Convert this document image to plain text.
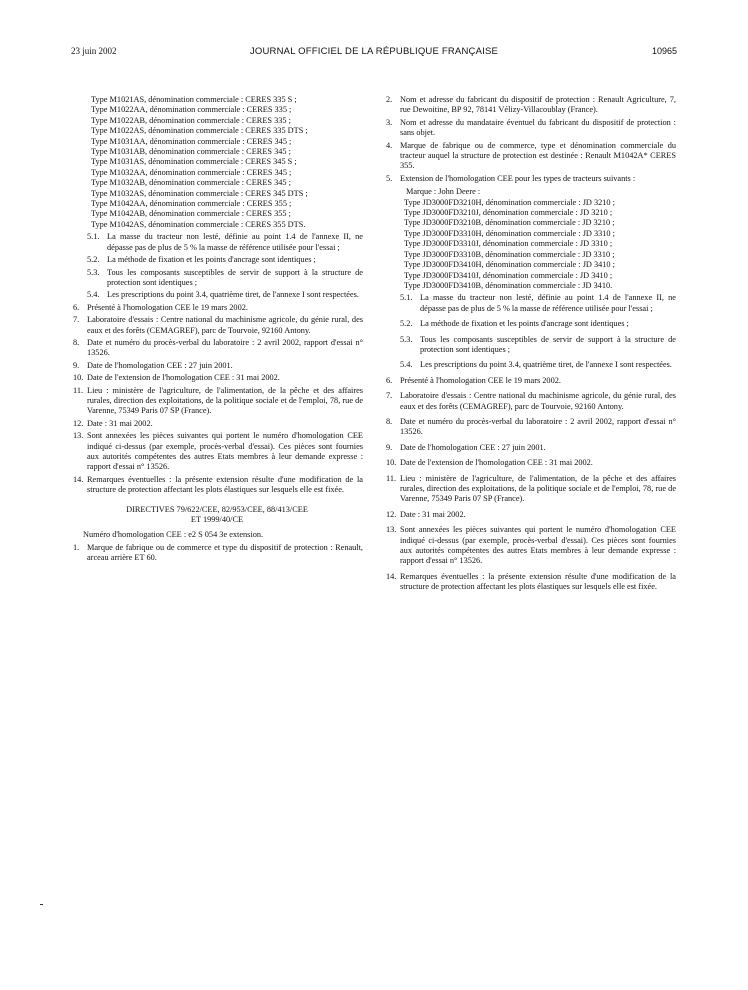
23 juin 2002	JOURNAL OFFICIEL DE LA RÉPUBLIQUE FRANÇAISE	10965
Type M1021AS, dénomination commerciale : CERES 335 S ;
Type M1022AA, dénomination commerciale : CERES 335 ;
Type M1022AB, dénomination commerciale : CERES 335 ;
Type M1022AS, dénomination commerciale : CERES 335 DTS ;
Type M1031AA, dénomination commerciale : CERES 345 ;
Type M1031AB, dénomination commerciale : CERES 345 ;
Type M1031AS, dénomination commerciale : CERES 345 S ;
Type M1032AA, dénomination commerciale : CERES 345 ;
Type M1032AB, dénomination commerciale : CERES 345 ;
Type M1032AS, dénomination commerciale : CERES 345 DTS ;
Type M1042AA, dénomination commerciale : CERES 355 ;
Type M1042AB, dénomination commerciale : CERES 355 ;
Type M1042AS, dénomination commerciale : CERES 355 DTS.
5.1. La masse du tracteur non lesté, définie au point 1.4 de l'annexe II, ne dépasse pas de plus de 5 % la masse de référence utilisée pour l'essai ;
5.2. La méthode de fixation et les points d'ancrage sont identiques ;
5.3. Tous les composants susceptibles de servir de support à la structure de protection sont identiques ;
5.4. Les prescriptions du point 3.4, quatrième tiret, de l'annexe I sont respectées.
6. Présenté à l'homologation CEE le 19 mars 2002.
7. Laboratoire d'essais : Centre national du machinisme agricole, du génie rural, des eaux et des forêts (CEMAGREF), parc de Tourvoie, 92160 Antony.
8. Date et numéro du procès-verbal du laboratoire : 2 avril 2002, rapport d'essai n° 13526.
9. Date de l'homologation CEE : 27 juin 2001.
10. Date de l'extension de l'homologation CEE : 31 mai 2002.
11. Lieu : ministère de l'agriculture, de l'alimentation, de la pêche et des affaires rurales, direction des exploitations, de la politique sociale et de l'emploi, 78, rue de Varenne, 75349 Paris 07 SP (France).
12. Date : 31 mai 2002.
13. Sont annexées les pièces suivantes qui portent le numéro d'homologation CEE indiqué ci-dessus (par exemple, procès-verbal d'essai). Ces pièces sont fournies aux autorités compétentes des autres Etats membres à leur demande expresse : rapport d'essai n° 13526.
14. Remarques éventuelles : la présente extension résulte d'une modification de la structure de protection affectant les plots élastiques sur lesquels elle est fixée.
DIRECTIVES 79/622/CEE, 82/953/CEE, 88/413/CEE
ET 1999/40/CE
Numéro d'homologation CEE : e2 S 054 3e extension.
1. Marque de fabrique ou de commerce et type du dispositif de protection : Renault, arceau arrière ET 60.
2. Nom et adresse du fabricant du dispositif de protection : Renault Agriculture, 7, rue Dewoitine, BP 92, 78141 Vélizy-Villacoublay (France).
3. Nom et adresse du mandataire éventuel du fabricant du dispositif de protection : sans objet.
4. Marque de fabrique ou de commerce, type et dénomination commerciale du tracteur auquel la structure de protection est destinée : Renault M1042A* CERES 355.
5. Extension de l'homologation CEE pour les types de tracteurs suivants :
Marque : John Deere :
Type JD3000FD3210H, dénomination commerciale : JD 3210 ;
Type JD3000FD3210J, dénomination commerciale : JD 3210 ;
Type JD3000FD3210B, dénomination commerciale : JD 3210 ;
Type JD3000FD3310H, dénomination commerciale : JD 3310 ;
Type JD3000FD3310J, dénomination commerciale : JD 3310 ;
Type JD3000FD3310B, dénomination commerciale : JD 3310 ;
Type JD3000FD3410H, dénomination commerciale : JD 3410 ;
Type JD3000FD3410J, dénomination commerciale : JD 3410 ;
Type JD3000FD3410B, dénomination commerciale : JD 3410.
5.1. La masse du tracteur non lesté, définie au point 1.4 de l'annexe II, ne dépasse pas de plus de 5 % la masse de référence utilisée pour l'essai ;
5.2. La méthode de fixation et les points d'ancrage sont identiques ;
5.3. Tous les composants susceptibles de servir de support à la structure de protection sont identiques ;
5.4. Les prescriptions du point 3.4, quatrième tiret, de l'annexe I sont respectées.
6. Présenté à l'homologation CEE le 19 mars 2002.
7. Laboratoire d'essais : Centre national du machinisme agricole, du génie rural, des eaux et des forêts (CEMAGREF), parc de Tourvoie, 92160 Antony.
8. Date et numéro du procès-verbal du laboratoire : 2 avril 2002, rapport d'essai n° 13526.
9. Date de l'homologation CEE : 27 juin 2001.
10. Date de l'extension de l'homologation CEE : 31 mai 2002.
11. Lieu : ministère de l'agriculture, de l'alimentation, de la pêche et des affaires rurales, direction des exploitations, de la politique sociale et de l'emploi, 78, rue de Varenne, 75349 Paris 07 SP (France).
12. Date : 31 mai 2002.
13. Sont annexées les pièces suivantes qui portent le numéro d'homologation CEE indiqué ci-dessus (par exemple, procès-verbal d'essai). Ces pièces sont fournies aux autorités compétentes des autres Etats membres à leur demande expresse : rapport d'essai n° 13526.
14. Remarques éventuelles : la présente extension résulte d'une modification de la structure de protection affectant les plots élastiques sur lesquels elle est fixée.
